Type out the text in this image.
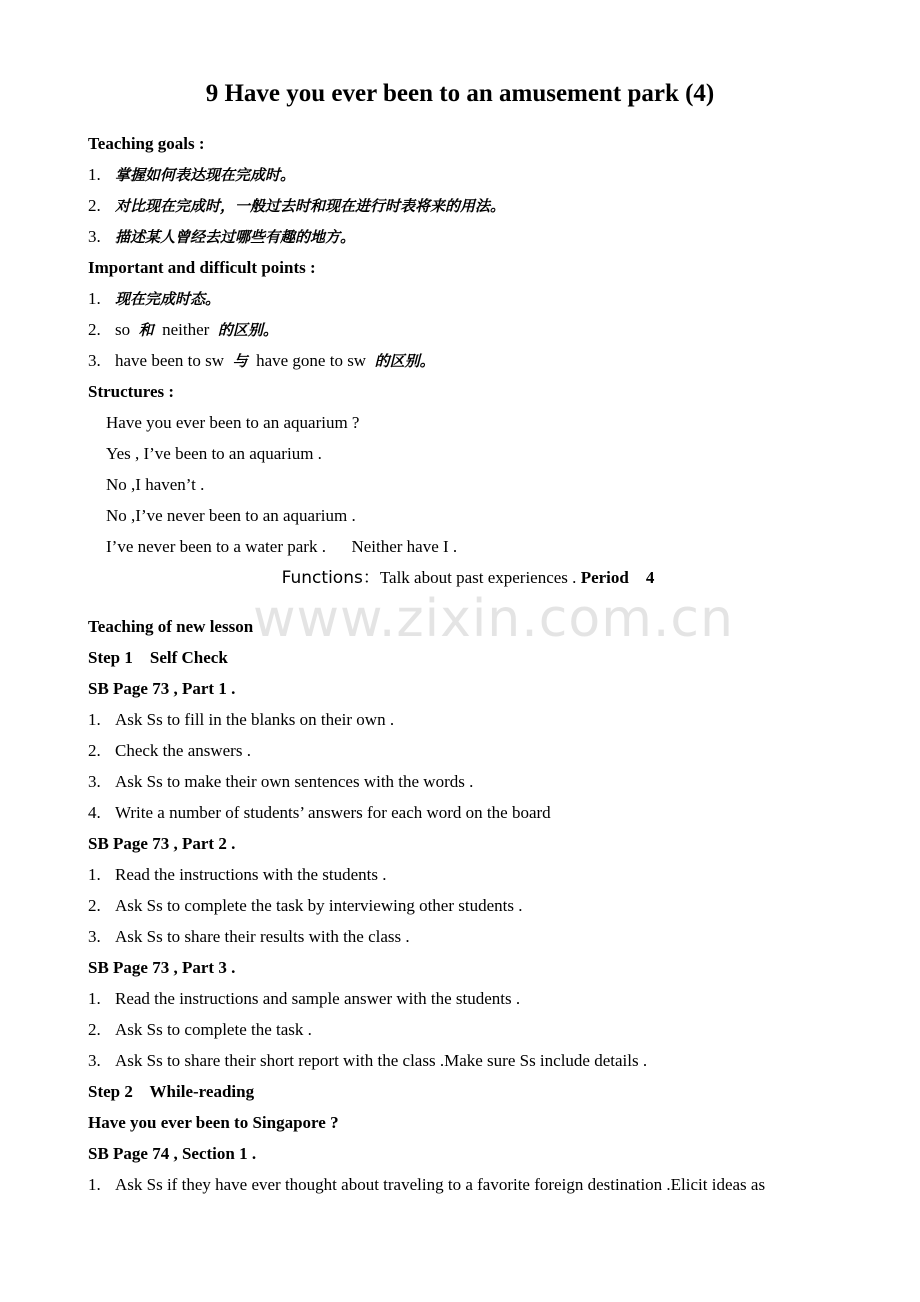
www.zixin.com.cn
9 Have you ever been to an amusement park (4)
Teaching goals :
1. 掌握如何表达现在完成时。
2. 对比现在完成时，一般过去时和现在进行时表将来的用法。
3. 描述某人曾经去过哪些有趣的地方。
Important and difficult points :
1. 现在完成时态。
2. so 和 neither 的区别。
3. have been to sw 与 have gone to sw 的区别。
Structures :
Have you ever been to an aquarium ?
Yes , I’ve been to an aquarium .
No ,I haven’t .
No ,I’ve never been to an aquarium .
I’ve never been to a water park . Neither have I .
Functions：Talk about past experiences . Period 4
Teaching of new lesson
Step 1    Self Check
SB Page 73 , Part 1 .
1. Ask Ss to fill in the blanks on their own .
2. Check the answers .
3. Ask Ss to make their own sentences with the words .
4. Write a number of students’ answers for each word on the board
SB Page 73 , Part 2 .
1. Read the instructions with the students .
2. Ask Ss to complete the task by interviewing other students .
3. Ask Ss to share their results with the class .
SB Page 73 , Part 3 .
1. Read the instructions and sample answer with the students .
2. Ask Ss to complete the task .
3. Ask Ss to share their short report with the class .Make sure Ss include details .
Step 2    While-reading
Have you ever been to Singapore ?
SB Page 74 , Section 1 .
1. Ask Ss if they have ever thought about traveling to a favorite foreign destination .Elicit ideas as
